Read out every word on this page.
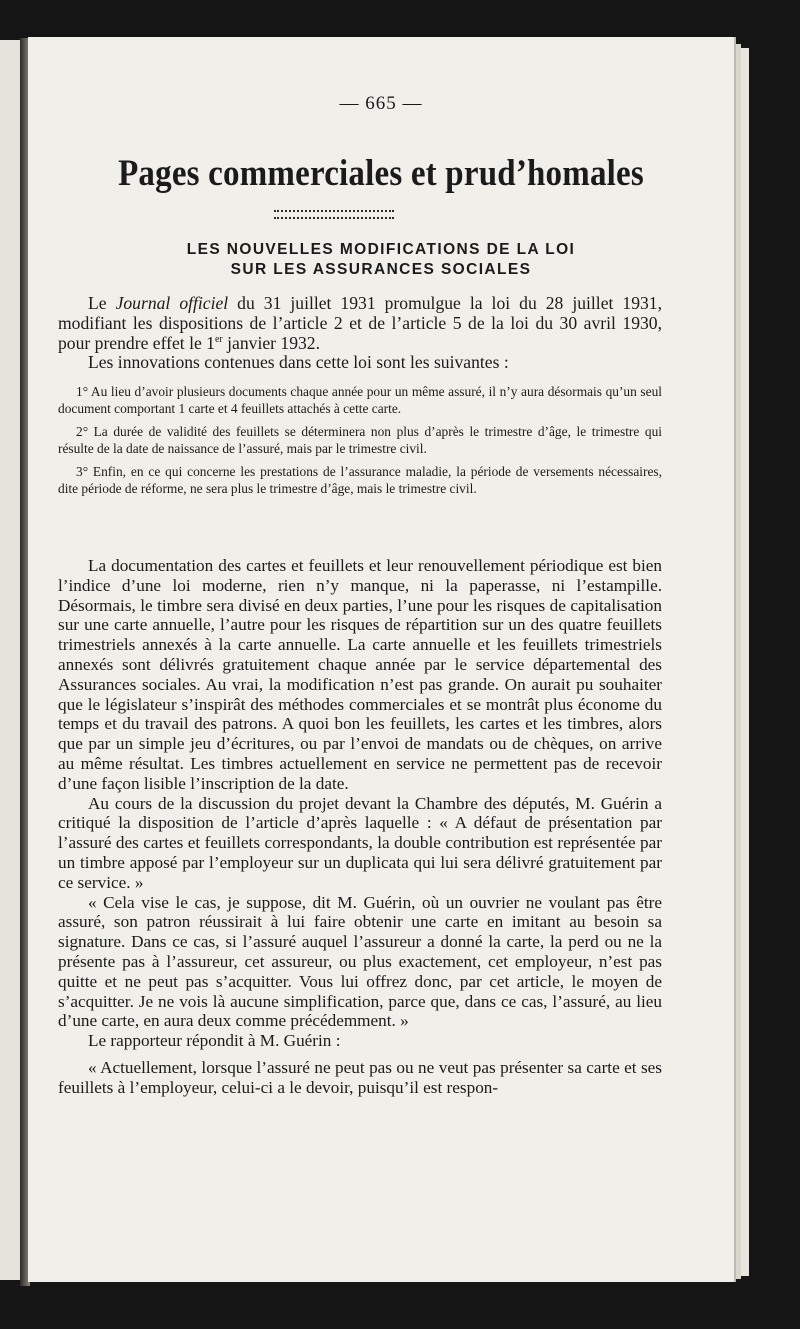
— 665 —
Pages commerciales et prud’homales
LES NOUVELLES MODIFICATIONS DE LA LOI
SUR LES ASSURANCES SOCIALES

Le Journal officiel du 31 juillet 1931 promulgue la loi du 28 juillet 1931, modifiant les dispositions de l’article 2 et de l’article 5 de la loi du 30 avril 1930, pour prendre effet le 1er janvier 1932.

Les innovations contenues dans cette loi sont les suivantes :

1° Au lieu d’avoir plusieurs documents chaque année pour un même assuré, il n’y aura désormais qu’un seul document comportant 1 carte et 4 feuillets attachés à cette carte.

2° La durée de validité des feuillets se déterminera non plus d’après le trimestre d’âge, le trimestre qui résulte de la date de naissance de l’assuré, mais par le trimestre civil.

3° Enfin, en ce qui concerne les prestations de l’assurance maladie, la période de versements nécessaires, dite période de réforme, ne sera plus le trimestre d’âge, mais le trimestre civil.

La documentation des cartes et feuillets et leur renouvellement périodique est bien l’indice d’une loi moderne, rien n’y manque, ni la paperasse, ni l’estampille. Désormais, le timbre sera divisé en deux parties, l’une pour les risques de capitalisation sur une carte annuelle, l’autre pour les risques de répartition sur un des quatre feuillets trimestriels annexés à la carte annuelle. La carte annuelle et les feuillets trimestriels annexés sont délivrés gratuitement chaque année par le service départemental des Assurances sociales. Au vrai, la modification n’est pas grande. On aurait pu souhaiter que le législateur s’inspirât des méthodes commerciales et se montrât plus économe du temps et du travail des patrons. A quoi bon les feuillets, les cartes et les timbres, alors que par un simple jeu d’écritures, ou par l’envoi de mandats ou de chèques, on arrive au même résultat. Les timbres actuellement en service ne permettent pas de recevoir d’une façon lisible l’inscription de la date.

Au cours de la discussion du projet devant la Chambre des députés, M. Guérin a critiqué la disposition de l’article d’après laquelle : « A défaut de présentation par l’assuré des cartes et feuillets correspondants, la double contribution est représentée par un timbre apposé par l’employeur sur un duplicata qui lui sera délivré gratuitement par ce service. »

« Cela vise le cas, je suppose, dit M. Guérin, où un ouvrier ne voulant pas être assuré, son patron réussirait à lui faire obtenir une carte en imitant au besoin sa signature. Dans ce cas, si l’assuré auquel l’assureur a donné la carte, la perd ou ne la présente pas à l’assureur, cet assureur, ou plus exactement, cet employeur, n’est pas quitte et ne peut pas s’acquitter. Vous lui offrez donc, par cet article, le moyen de s’acquitter. Je ne vois là aucune simplification, parce que, dans ce cas, l’assuré, au lieu d’une carte, en aura deux comme précédemment. »

Le rapporteur répondit à M. Guérin :

« Actuellement, lorsque l’assuré ne peut pas ou ne veut pas présenter sa carte et ses feuillets à l’employeur, celui-ci a le devoir, puisqu’il est respon-
